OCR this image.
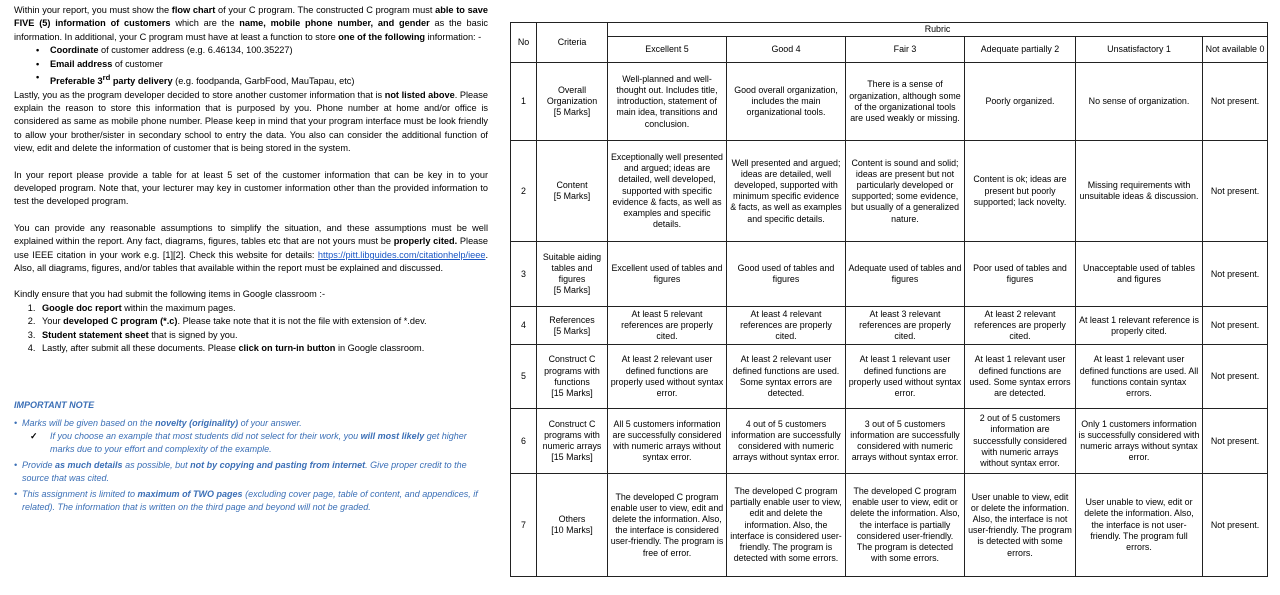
Within your report, you must show the flow chart of your C program. The constructed C program must able to save FIVE (5) information of customers which are the name, mobile phone number, and gender as the basic information. In additional, your C program must have at least a function to store one of the following information: -

• Coordinate of customer address (e.g. 6.46134, 100.35227)
• Email address of customer
• Preferable 3rd party delivery (e.g. foodpanda, GarbFood, MauTapau, etc)

Lastly, you as the program developer decided to store another customer information that is not listed above. Please explain the reason to store this information that is purposed by you. Phone number at home and/or office is considered as same as mobile phone number. Please keep in mind that your program interface must be look friendly to allow your brother/sister in secondary school to entry the data. You also can consider the additional function of view, edit and delete the information of customer that is being stored in the system.

In your report please provide a table for at least 5 set of the customer information that can be key in to your developed program. Note that, your lecturer may key in customer information other than the provided information to test the developed program.

You can provide any reasonable assumptions to simplify the situation, and these assumptions must be well explained within the report. Any fact, diagrams, figures, tables etc that are not yours must be properly cited. Please use IEEE citation in your work e.g. [1][2]. Check this website for details: https://pitt.libguides.com/citationhelp/ieee. Also, all diagrams, figures, and/or tables that available within the report must be explained and discussed.

Kindly ensure that you had submit the following items in Google classroom :-

1. Google doc report within the maximum pages.
2. Your developed C program (*.c). Please take note that it is not the file with extension of *.dev.
3. Student statement sheet that is signed by you.
4. Lastly, after submit all these documents. Please click on turn-in button in Google classroom.
IMPORTANT NOTE
• Marks will be given based on the novelty (originality) of your answer.
✓ If you choose an example that most students did not select for their work, you will most likely get higher marks due to your effort and complexity of the example.
• Provide as much details as possible, but not by copying and pasting from internet. Give proper credit to the source that was cited.
• This assignment is limited to maximum of TWO pages (excluding cover page, table of content, and appendices, if related). The information that is written on the third page and beyond will not be graded.
No	Criteria	Rubric					
		Excellent 5	Good 4	Fair 3	Adequate partially 2	Unsatisfactory 1	Not available 0
1	Overall Organization
[5 Marks]	Well-planned and well-thought out. Includes title, introduction, statement of main idea, transitions and conclusion.	Good overall organization, includes the main organizational tools.	There is a sense of organization, although some of the organizational tools are used weakly or missing.	Poorly organized.	No sense of organization.	Not present.
2	Content
[5 Marks]	Exceptionally well presented and argued; ideas are detailed, well developed, supported with specific evidence & facts, as well as examples and specific details.	Well presented and argued; ideas are detailed, well developed, supported with minimum specific evidence & facts, as well as examples and specific details.	Content is sound and solid; ideas are present but not particularly developed or supported; some evidence, but usually of a generalized nature.	Content is ok; ideas are present but poorly supported; lack novelty.	Missing requirements with unsuitable ideas & discussion.	Not present.
3	Suitable aiding tables and figures
[5 Marks]	Excellent used of tables and figures	Good used of tables and figures	Adequate used of tables and figures	Poor used of tables and figures	Unacceptable used of tables and figures	Not present.
4	References
[5 Marks]	At least 5 relevant references are properly cited.	At least 4 relevant references are properly cited.	At least 3 relevant references are properly cited.	At least 2 relevant references are properly cited.	At least 1 relevant reference is properly cited.	Not present.
5	Construct C programs with functions
[15 Marks]	At least 2 relevant user defined functions are properly used without syntax error.	At least 2 relevant user defined functions are used. Some syntax errors are detected.	At least 1 relevant user defined functions are properly used without syntax error.	At least 1 relevant user defined functions are used. Some syntax errors are detected.	At least 1 relevant user defined functions are used. All functions contain syntax errors.	Not present.
6	Construct C programs with numeric arrays
[15 Marks]	All 5 customers information are successfully considered with numeric arrays without syntax error.	4 out of 5 customers information are successfully considered with numeric arrays without syntax error.	3 out of 5 customers information are successfully considered with numeric arrays without syntax error.	2 out of 5 customers information are successfully considered with numeric arrays without syntax error.	Only 1 customers information is successfully considered with numeric arrays without syntax error.	Not present.
7	Others
[10 Marks]	The developed C program enable user to view, edit and delete the information. Also, the interface is considered user-friendly. The program is free of error.	The developed C program partially enable user to view, edit and delete the information. Also, the interface is considered user-friendly. The program is detected with some errors.	The developed C program enable user to view, edit or delete the information. Also, the interface is partially considered user-friendly. The program is detected with some errors.	User unable to view, edit or delete the information. Also, the interface is not user-friendly. The program is detected with some errors.	User unable to view, edit or delete the information. Also, the interface is not user-friendly. The program full errors.	Not present.
